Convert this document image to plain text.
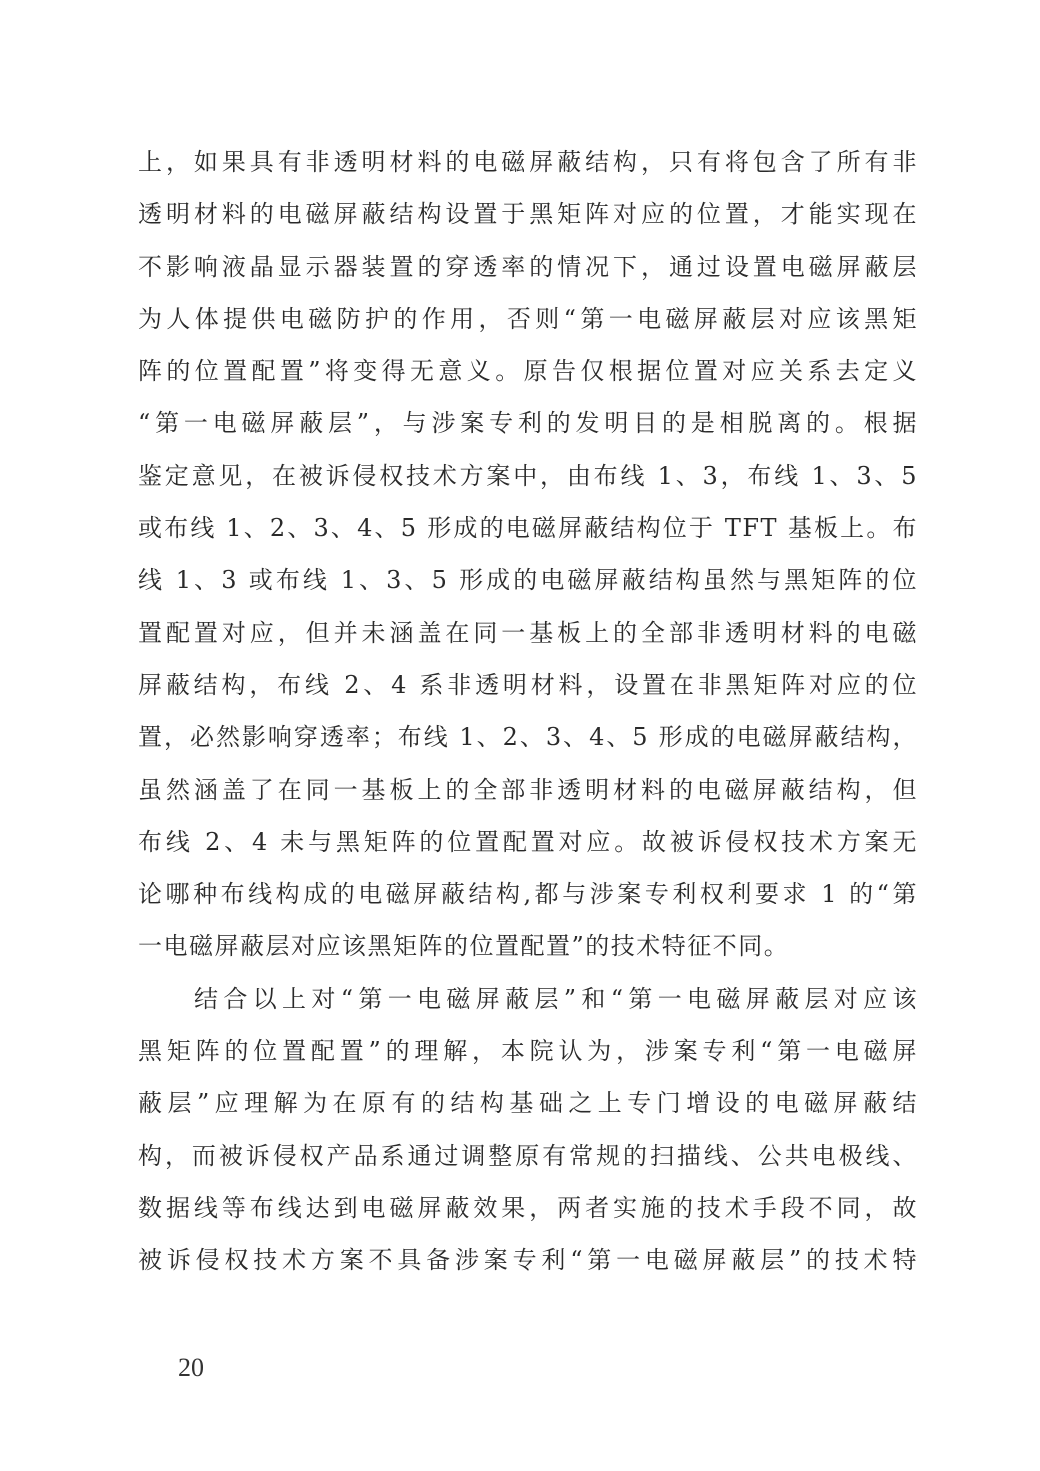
上，如果具有非透明材料的电磁屏蔽结构，只有将包含了所有非
透明材料的电磁屏蔽结构设置于黑矩阵对应的位置，才能实现在
不影响液晶显示器装置的穿透率的情况下，通过设置电磁屏蔽层
为人体提供电磁防护的作用，否则“第一电磁屏蔽层对应该黑矩
阵的位置配置”将变得无意义。原告仅根据位置对应关系去定义
“第一电磁屏蔽层”，与涉案专利的发明目的是相脱离的。根据
鉴定意见，在被诉侵权技术方案中，由布线 1、3，布线 1、3、5
或布线 1、2、3、4、5 形成的电磁屏蔽结构位于 TFT 基板上。布
线 1、3 或布线 1、3、5 形成的电磁屏蔽结构虽然与黑矩阵的位
置配置对应，但并未涵盖在同一基板上的全部非透明材料的电磁
屏蔽结构，布线 2、4 系非透明材料，设置在非黑矩阵对应的位
置，必然影响穿透率；布线 1、2、3、4、5 形成的电磁屏蔽结构，
虽然涵盖了在同一基板上的全部非透明材料的电磁屏蔽结构，但
布线 2、4 未与黑矩阵的位置配置对应。故被诉侵权技术方案无
论哪种布线构成的电磁屏蔽结构,都与涉案专利权利要求 1 的“第
一电磁屏蔽层对应该黑矩阵的位置配置”的技术特征不同。
结合以上对“第一电磁屏蔽层”和“第一电磁屏蔽层对应该
黑矩阵的位置配置”的理解，本院认为，涉案专利“第一电磁屏
蔽层”应理解为在原有的结构基础之上专门增设的电磁屏蔽结
构，而被诉侵权产品系通过调整原有常规的扫描线、公共电极线、
数据线等布线达到电磁屏蔽效果，两者实施的技术手段不同，故
被诉侵权技术方案不具备涉案专利“第一电磁屏蔽层”的技术特
20
